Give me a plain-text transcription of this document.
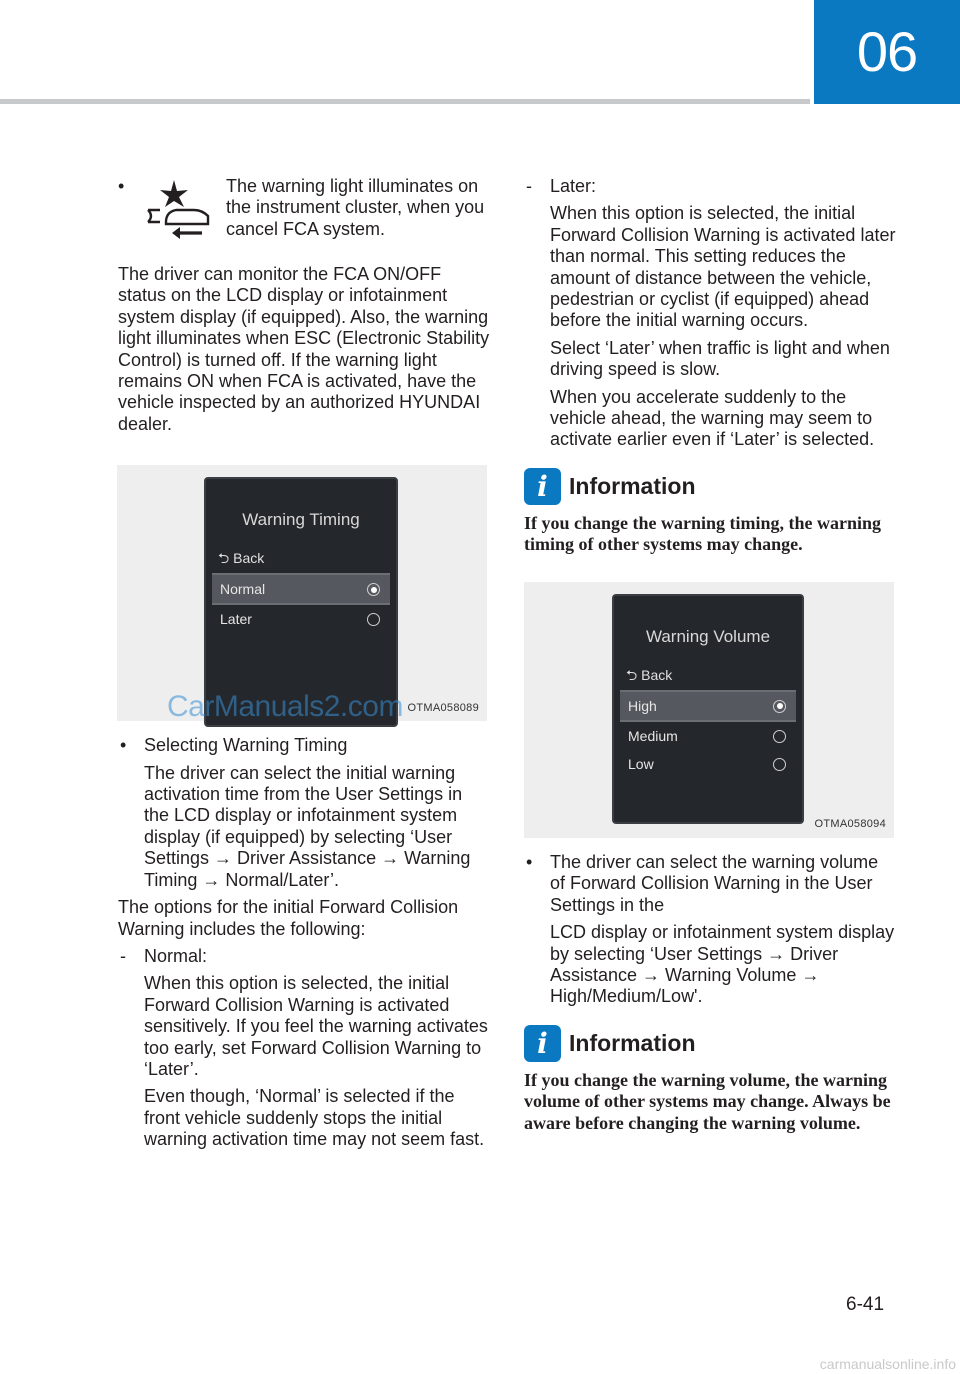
06
•	The warning light illuminates on the instrument cluster, when you cancel FCA system.

The driver can monitor the FCA ON/OFF status on the LCD display or infotainment system display (if equipped). Also, the warning light illuminates when ESC (Electronic Stability Control) is turned off. If the warning light remains ON when FCA is activated, have the vehicle inspected by an authorized HYUNDAI dealer.

Warning Timing
⮌ Back
Normal
Later
CarManuals2.com OTMA058089
• Selecting Warning Timing
The driver can select the initial warning activation time from the User Settings in the LCD display or infotainment system display (if equipped) by selecting ‘User Settings → Driver Assistance → Warning Timing → Normal/Later’.

The options for the initial Forward Collision Warning includes the following:

- Normal:
When this option is selected, the initial Forward Collision Warning is activated sensitively. If you feel the warning activates too early, set Forward Collision Warning to ‘Later’.
Even though, ‘Normal’ is selected if the front vehicle suddenly stops the initial warning activation time may not seem fast.
- Later:
When this option is selected, the initial Forward Collision Warning is activated later than normal. This setting reduces the amount of distance between the vehicle, pedestrian or cyclist (if equipped) ahead before the initial warning occurs.
Select ‘Later’ when traffic is light and when driving speed is slow.
When you accelerate suddenly to the vehicle ahead, the warning may seem to activate earlier even if ‘Later’ is selected.
i Information

If you change the warning timing, the warning timing of other systems may change.

Warning Volume
⮌ Back
High
Medium
Low
OTMA058094
• The driver can select the warning volume of Forward Collision Warning in the User Settings in the
LCD display or infotainment system display by selecting ‘User Settings → Driver Assistance → Warning Volume → High/Medium/Low'.
i Information

If you change the warning volume, the warning volume of other systems may change. Always be aware before changing the warning volume.

6-41
carmanualsonline.info
